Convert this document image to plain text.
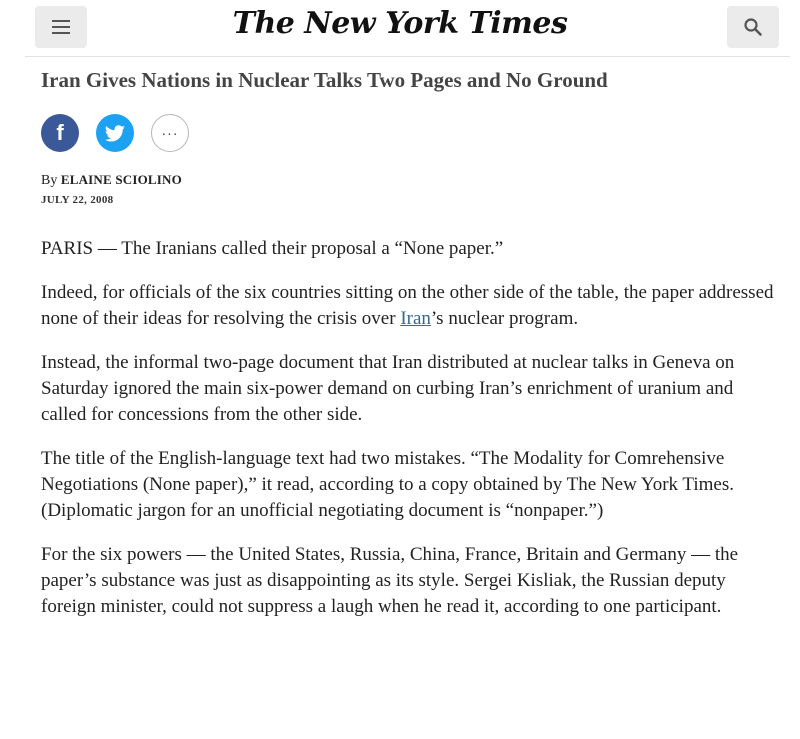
The New York Times
Iran Gives Nations in Nuclear Talks Two Pages and No Ground
f	···
By ELAINE SCIOLINO
JULY 22, 2008

PARIS — The Iranians called their proposal a “None paper.”

Indeed, for officials of the six countries sitting on the other side of the table, the paper addressed none of their ideas for resolving the crisis over Iran’s nuclear program.

Instead, the informal two-page document that Iran distributed at nuclear talks in Geneva on Saturday ignored the main six-power demand on curbing Iran’s enrichment of uranium and called for concessions from the other side.

The title of the English-language text had two mistakes. “The Modality for Comrehensive Negotiations (None paper),” it read, according to a copy obtained by The New York Times. (Diplomatic jargon for an unofficial negotiating document is “nonpaper.”)

For the six powers — the United States, Russia, China, France, Britain and Germany — the paper’s substance was just as disappointing as its style. Sergei Kisliak, the Russian deputy foreign minister, could not suppress a laugh when he read it, according to one participant.
